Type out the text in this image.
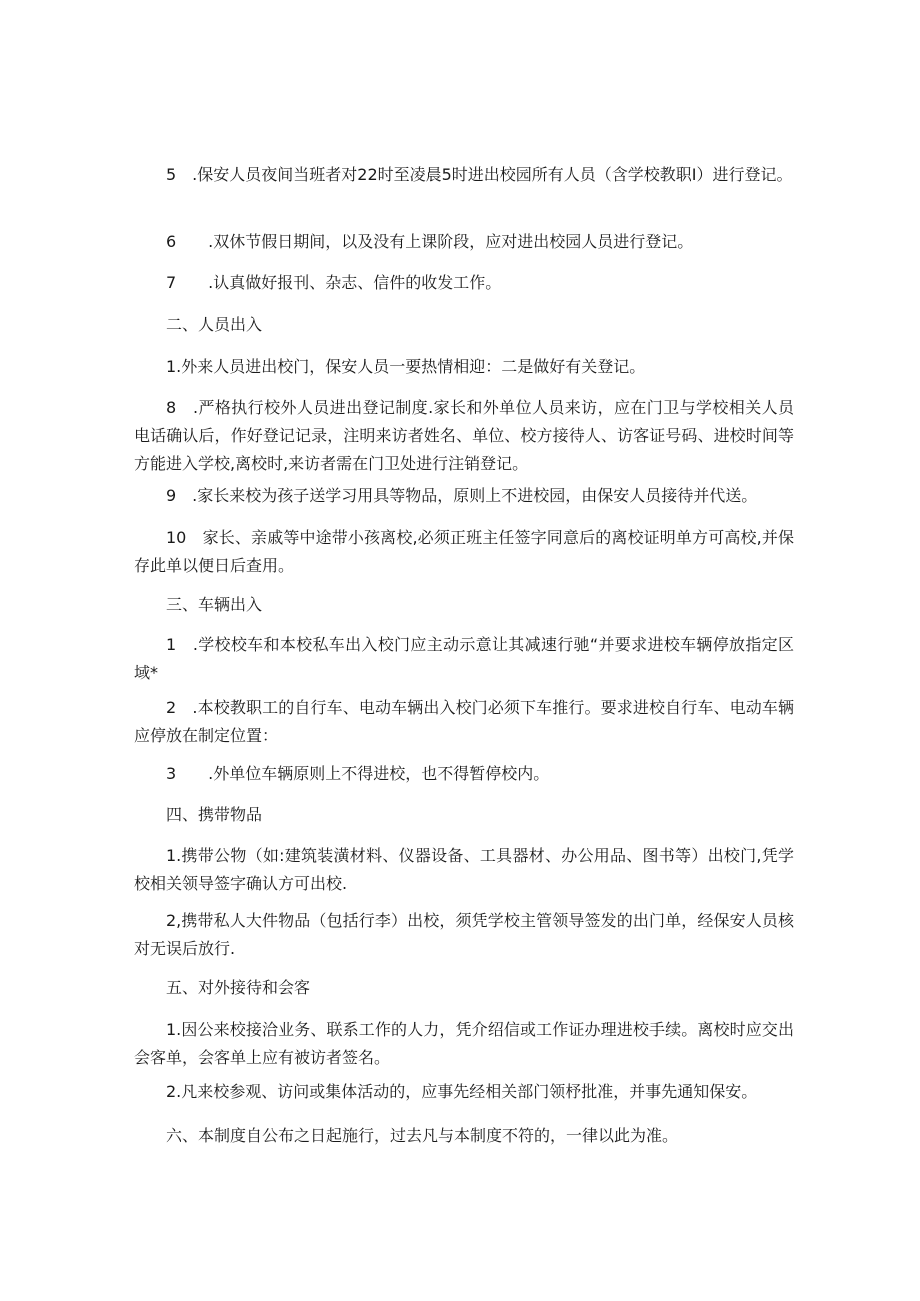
5　.保安人员夜间当班者对22时至凌晨5时进出校园所有人员（含学校教职I）进行登记。

6　　.双休节假日期间，以及没有上课阶段，应对进出校园人员进行登记。

7　　.认真做好报刊、杂志、信件的收发工作。

二、人员出入

1.外来人员进出校门，保安人员一要热情相迎：二是做好有关登记。

8　.严格执行校外人员进出登记制度.家长和外单位人员来访，应在门卫与学校相关人员电话确认后，作好登记记录，注明来访者姓名、单位、校方接待人、访客证号码、进校时间等方能进入学校,离校时,来访者需在门卫处进行注销登记。

9　.家长来校为孩子送学习用具等物品，原则上不进校园，由保安人员接待并代送。

10　家长、亲戚等中途带小孩离校,必须正班主任签字同意后的离校证明单方可高校,并保存此单以便日后查用。

三、车辆出入

1　.学校校车和本校私车出入校门应主动示意让其减速行驰“并要求进校车辆停放指定区域*

2　.本校教职工的自行车、电动车辆出入校门必须下车推行。要求进校自行车、电动车辆应停放在制定位置：

3　　.外单位车辆原则上不得进校，也不得暂停校内。

四、携带物品

1.携带公物（如:建筑装潢材料、仪器设备、工具器材、办公用品、图书等）出校门,凭学校相关领导签字确认方可出校.

2,携带私人大件物品（包括行李）出校，须凭学校主管领导签发的出门单，经保安人员核对无误后放行.

五、对外接待和会客

1.因公来校接洽业务、联系工作的人力，凭介绍信或工作证办理进校手续。离校时应交出会客单，会客单上应有被访者签名。

2.凡来校参观、访问或集体活动的，应事先经相关部门领杼批准，并事先通知保安。

六、本制度自公布之日起施行，过去凡与本制度不符的，一律以此为准。
